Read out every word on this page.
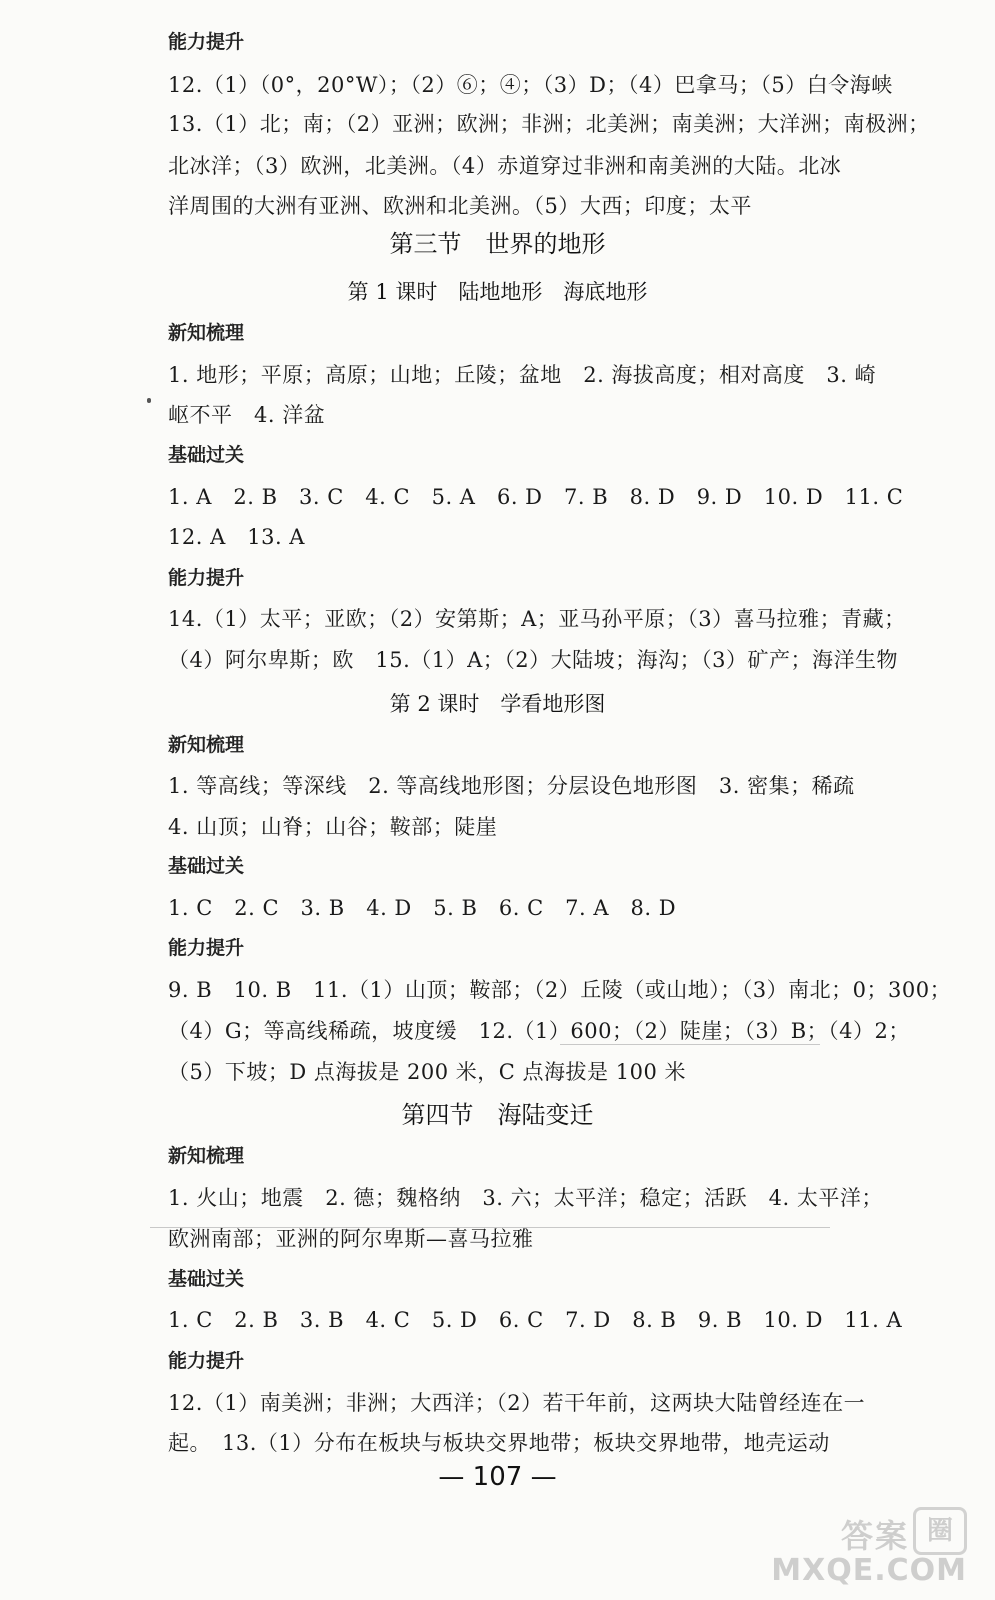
能力提升
12.（1）（0°，20°W）；（2）⑥；④；（3）D；（4）巴拿马；（5）白令海峡
13.（1）北；南；（2）亚洲；欧洲；非洲；北美洲；南美洲；大洋洲；南极洲；
北冰洋；（3）欧洲，北美洲。（4）赤道穿过非洲和南美洲的大陆。北冰
洋周围的大洲有亚洲、欧洲和北美洲。（5）大西；印度；太平
第三节　世界的地形
第 1 课时　陆地地形　海底地形
新知梳理
1. 地形；平原；高原；山地；丘陵；盆地　2. 海拔高度；相对高度　3. 崎
岖不平　4. 洋盆
基础过关
1. A　2. B　3. C　4. C　5. A　6. D　7. B　8. D　9. D　10. D　11. C
12. A　13. A
能力提升
14.（1）太平；亚欧；（2）安第斯；A；亚马孙平原；（3）喜马拉雅；青藏；
（4）阿尔卑斯；欧　15.（1）A；（2）大陆坡；海沟；（3）矿产；海洋生物
第 2 课时　学看地形图
新知梳理
1. 等高线；等深线　2. 等高线地形图；分层设色地形图　3. 密集；稀疏
4. 山顶；山脊；山谷；鞍部；陡崖
基础过关
1. C　2. C　3. B　4. D　5. B　6. C　7. A　8. D
能力提升
9. B　10. B　11.（1）山顶；鞍部；（2）丘陵（或山地）；（3）南北；0；300；
（4）G；等高线稀疏，坡度缓　12.（1）600；（2）陡崖；（3）B；（4）2；
（5）下坡；D 点海拔是 200 米，C 点海拔是 100 米
第四节　海陆变迁
新知梳理
1. 火山；地震　2. 德；魏格纳　3. 六；太平洋；稳定；活跃　4. 太平洋；
欧洲南部；亚洲的阿尔卑斯—喜马拉雅
基础过关
1. C　2. B　3. B　4. C　5. D　6. C　7. D　8. B　9. B　10. D　11. A
能力提升
12.（1）南美洲；非洲；大西洋；（2）若干年前，这两块大陆曾经连在一
起。　13.（1）分布在板块与板块交界地带；板块交界地带，地壳运动
— 107 —
答案 圈
MXQE.COM
